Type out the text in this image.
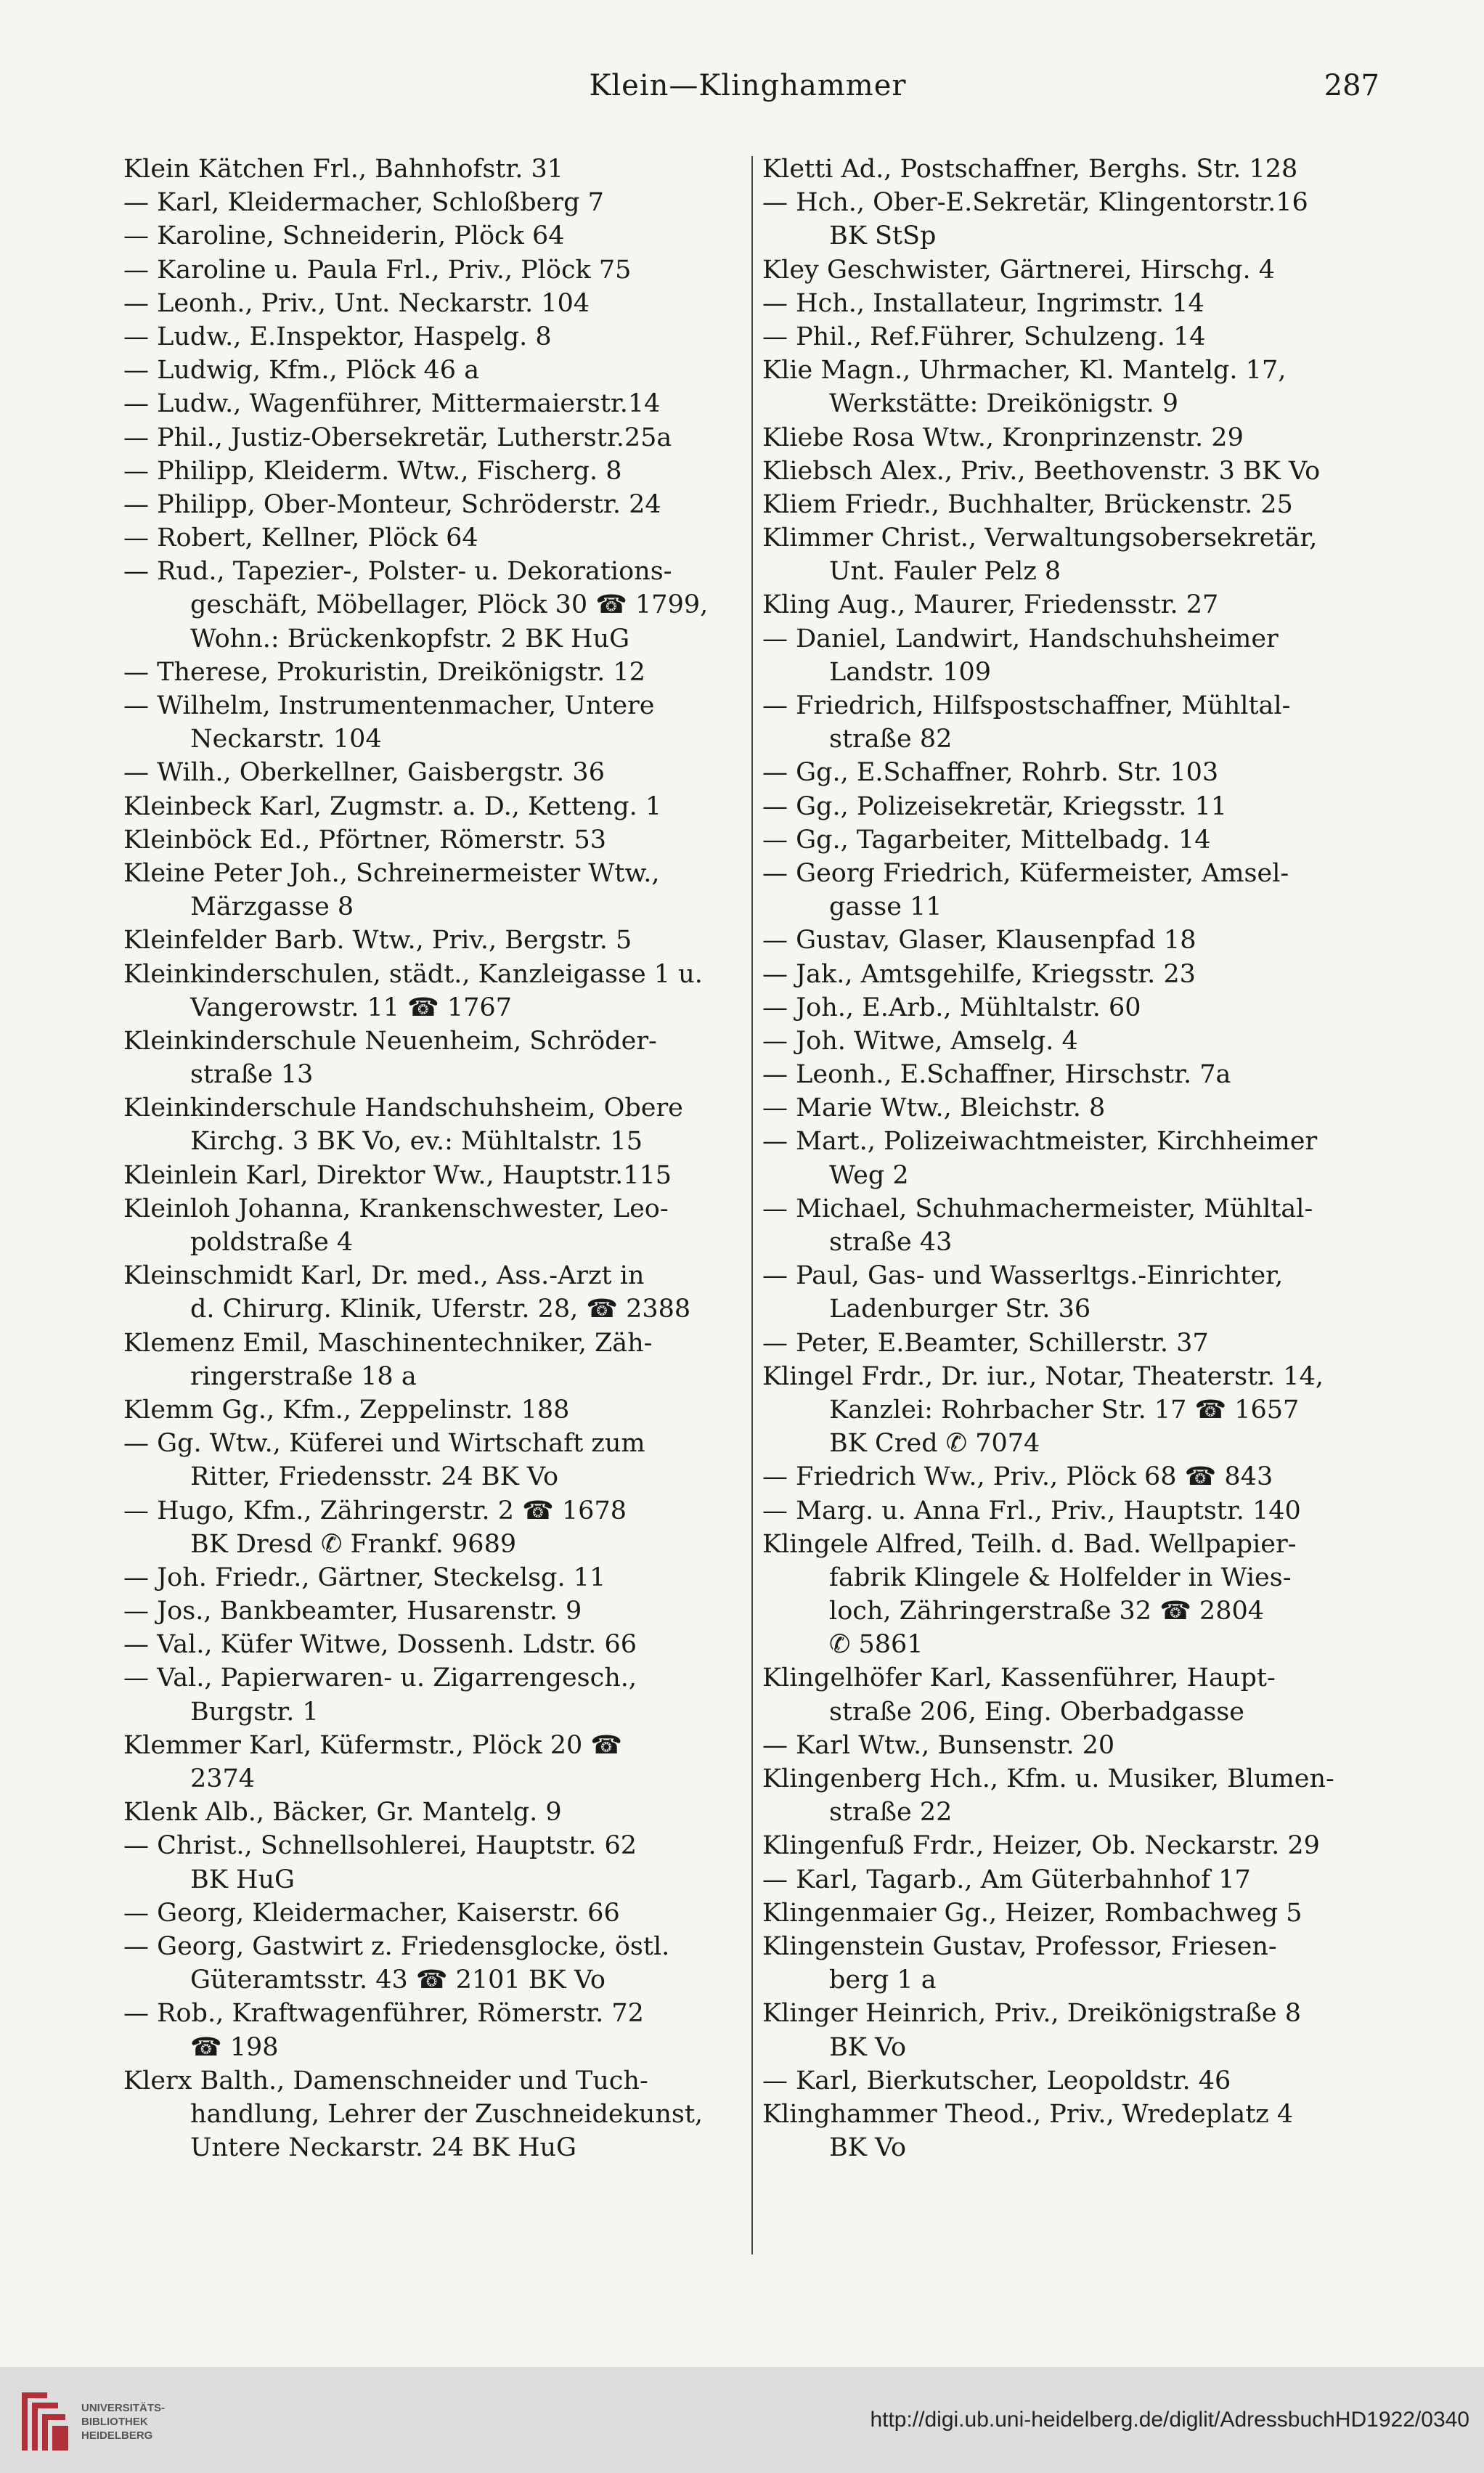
Klein—Klinghammer	287
Klein Kätchen Frl., Bahnhofstr. 31
— Karl, Kleidermacher, Schloßberg 7
— Karoline, Schneiderin, Plöck 64
— Karoline u. Paula Frl., Priv., Plöck 75
— Leonh., Priv., Unt. Neckarstr. 104
— Ludw., E.Inspektor, Haspelg. 8
— Ludwig, Kfm., Plöck 46 a
— Ludw., Wagenführer, Mittermaierstr.14
— Phil., Justiz-Obersekretär, Lutherstr.25a
— Philipp, Kleiderm. Wtw., Fischerg. 8
— Philipp, Ober-Monteur, Schröderstr. 24
— Robert, Kellner, Plöck 64
— Rud., Tapezier-, Polster- u. Dekorations-
geschäft, Möbellager, Plöck 30 ☎ 1799,
Wohn.: Brückenkopfstr. 2 BK HuG
— Therese, Prokuristin, Dreikönigstr. 12
— Wilhelm, Instrumentenmacher, Untere
Neckarstr. 104
— Wilh., Oberkellner, Gaisbergstr. 36
Kleinbeck Karl, Zugmstr. a. D., Ketteng. 1
Kleinböck Ed., Pförtner, Römerstr. 53
Kleine Peter Joh., Schreinermeister Wtw.,
Märzgasse 8
Kleinfelder Barb. Wtw., Priv., Bergstr. 5
Kleinkinderschulen, städt., Kanzleigasse 1 u.
Vangerowstr. 11 ☎ 1767
Kleinkinderschule Neuenheim, Schröder-
straße 13
Kleinkinderschule Handschuhsheim, Obere
Kirchg. 3 BK Vo, ev.: Mühltalstr. 15
Kleinlein Karl, Direktor Ww., Hauptstr.115
Kleinloh Johanna, Krankenschwester, Leo-
poldstraße 4
Kleinschmidt Karl, Dr. med., Ass.-Arzt in
d. Chirurg. Klinik, Uferstr. 28, ☎ 2388
Klemenz Emil, Maschinentechniker, Zäh-
ringerstraße 18 a
Klemm Gg., Kfm., Zeppelinstr. 188
— Gg. Wtw., Küferei und Wirtschaft zum
Ritter, Friedensstr. 24 BK Vo
— Hugo, Kfm., Zähringerstr. 2 ☎ 1678
BK Dresd ✆ Frankf. 9689
— Joh. Friedr., Gärtner, Steckelsg. 11
— Jos., Bankbeamter, Husarenstr. 9
— Val., Küfer Witwe, Dossenh. Ldstr. 66
— Val., Papierwaren- u. Zigarrengesch.,
Burgstr. 1
Klemmer Karl, Küfermstr., Plöck 20 ☎
2374
Klenk Alb., Bäcker, Gr. Mantelg. 9
— Christ., Schnellsohlerei, Hauptstr. 62
BK HuG
— Georg, Kleidermacher, Kaiserstr. 66
— Georg, Gastwirt z. Friedensglocke, östl.
Güteramtsstr. 43 ☎ 2101 BK Vo
— Rob., Kraftwagenführer, Römerstr. 72
☎ 198
Klerx Balth., Damenschneider und Tuch-
handlung, Lehrer der Zuschneidekunst,
Untere Neckarstr. 24 BK HuG
Kletti Ad., Postschaffner, Berghs. Str. 128
— Hch., Ober-E.Sekretär, Klingentorstr.16
BK StSp
Kley Geschwister, Gärtnerei, Hirschg. 4
— Hch., Installateur, Ingrimstr. 14
— Phil., Ref.Führer, Schulzeng. 14
Klie Magn., Uhrmacher, Kl. Mantelg. 17,
Werkstätte: Dreikönigstr. 9
Kliebe Rosa Wtw., Kronprinzenstr. 29
Kliebsch Alex., Priv., Beethovenstr. 3 BK Vo
Kliem Friedr., Buchhalter, Brückenstr. 25
Klimmer Christ., Verwaltungsobersekretär,
Unt. Fauler Pelz 8
Kling Aug., Maurer, Friedensstr. 27
— Daniel, Landwirt, Handschuhsheimer
Landstr. 109
— Friedrich, Hilfspostschaffner, Mühltal-
straße 82
— Gg., E.Schaffner, Rohrb. Str. 103
— Gg., Polizeisekretär, Kriegsstr. 11
— Gg., Tagarbeiter, Mittelbadg. 14
— Georg Friedrich, Küfermeister, Amsel-
gasse 11
— Gustav, Glaser, Klausenpfad 18
— Jak., Amtsgehilfe, Kriegsstr. 23
— Joh., E.Arb., Mühltalstr. 60
— Joh. Witwe, Amselg. 4
— Leonh., E.Schaffner, Hirschstr. 7a
— Marie Wtw., Bleichstr. 8
— Mart., Polizeiwachtmeister, Kirchheimer
Weg 2
— Michael, Schuhmachermeister, Mühltal-
straße 43
— Paul, Gas- und Wasserltgs.-Einrichter,
Ladenburger Str. 36
— Peter, E.Beamter, Schillerstr. 37
Klingel Frdr., Dr. iur., Notar, Theaterstr. 14,
Kanzlei: Rohrbacher Str. 17 ☎ 1657
BK Cred ✆ 7074
— Friedrich Ww., Priv., Plöck 68 ☎ 843
— Marg. u. Anna Frl., Priv., Hauptstr. 140
Klingele Alfred, Teilh. d. Bad. Wellpapier-
fabrik Klingele & Holfelder in Wies-
loch, Zähringerstraße 32 ☎ 2804
✆ 5861
Klingelhöfer Karl, Kassenführer, Haupt-
straße 206, Eing. Oberbadgasse
— Karl Wtw., Bunsenstr. 20
Klingenberg Hch., Kfm. u. Musiker, Blumen-
straße 22
Klingenfuß Frdr., Heizer, Ob. Neckarstr. 29
— Karl, Tagarb., Am Güterbahnhof 17
Klingenmaier Gg., Heizer, Rombachweg 5
Klingenstein Gustav, Professor, Friesen-
berg 1 a
Klinger Heinrich, Priv., Dreikönigstraße 8
BK Vo
— Karl, Bierkutscher, Leopoldstr. 46
Klinghammer Theod., Priv., Wredeplatz 4
BK Vo
UNIVERSITÄTS-
BIBLIOTHEK
HEIDELBERG
http://digi.ub.uni-heidelberg.de/diglit/AdressbuchHD1922/0340
